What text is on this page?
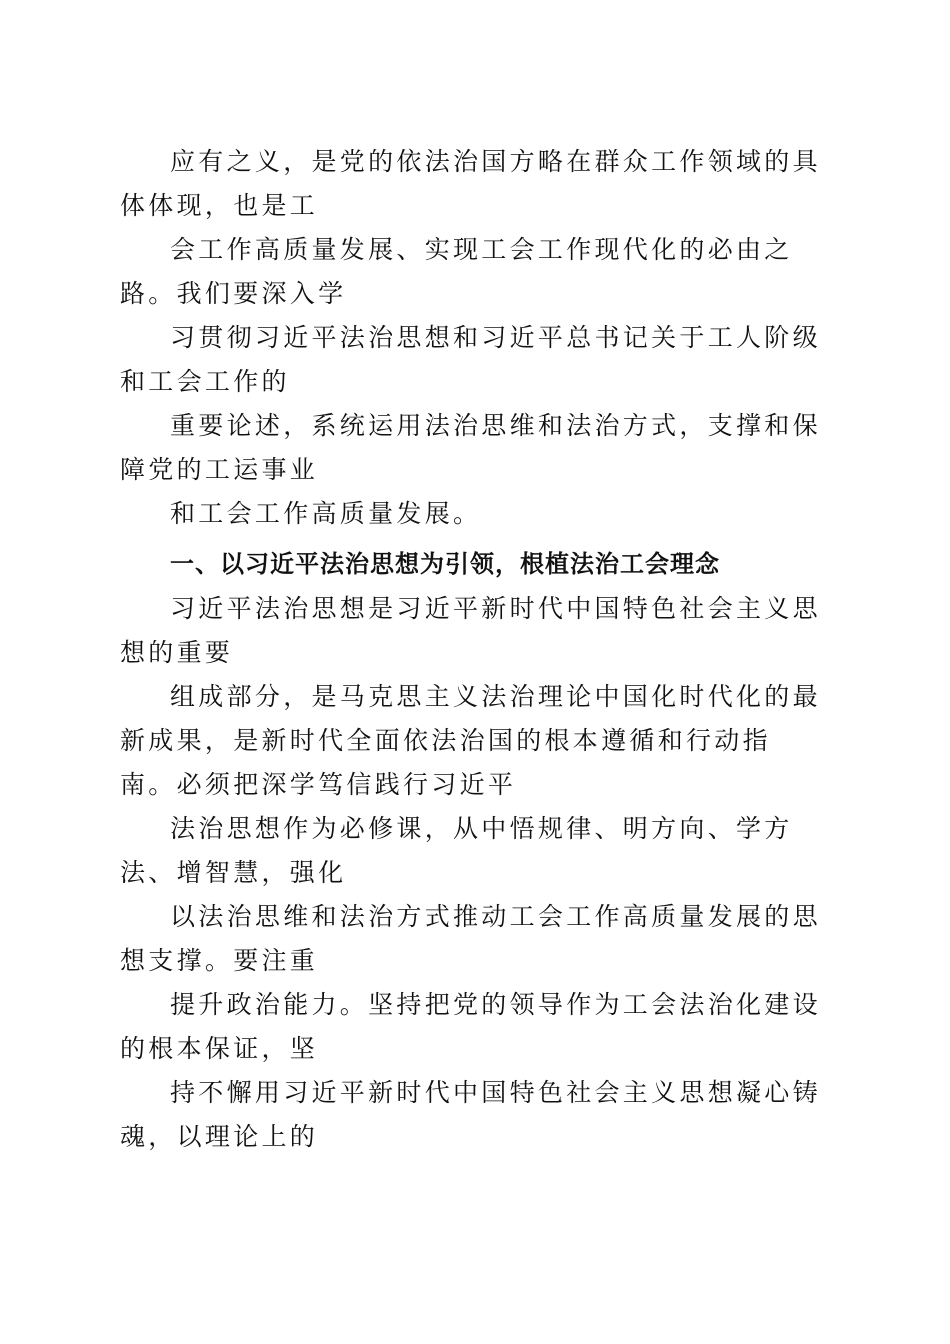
应有之义，是党的依法治国方略在群众工作领域的具体体现，也是工

会工作高质量发展、实现工会工作现代化的必由之路。我们要深入学

习贯彻习近平法治思想和习近平总书记关于工人阶级和工会工作的

重要论述，系统运用法治思维和法治方式，支撑和保障党的工运事业

和工会工作高质量发展。

一、以习近平法治思想为引领，根植法治工会理念

习近平法治思想是习近平新时代中国特色社会主义思想的重要

组成部分，是马克思主义法治理论中国化时代化的最新成果，是新时代全面依法治国的根本遵循和行动指南。必须把深学笃信践行习近平

法治思想作为必修课，从中悟规律、明方向、学方法、增智慧，强化

以法治思维和法治方式推动工会工作高质量发展的思想支撑。要注重

提升政治能力。坚持把党的领导作为工会法治化建设的根本保证，坚

持不懈用习近平新时代中国特色社会主义思想凝心铸魂，以理论上的
